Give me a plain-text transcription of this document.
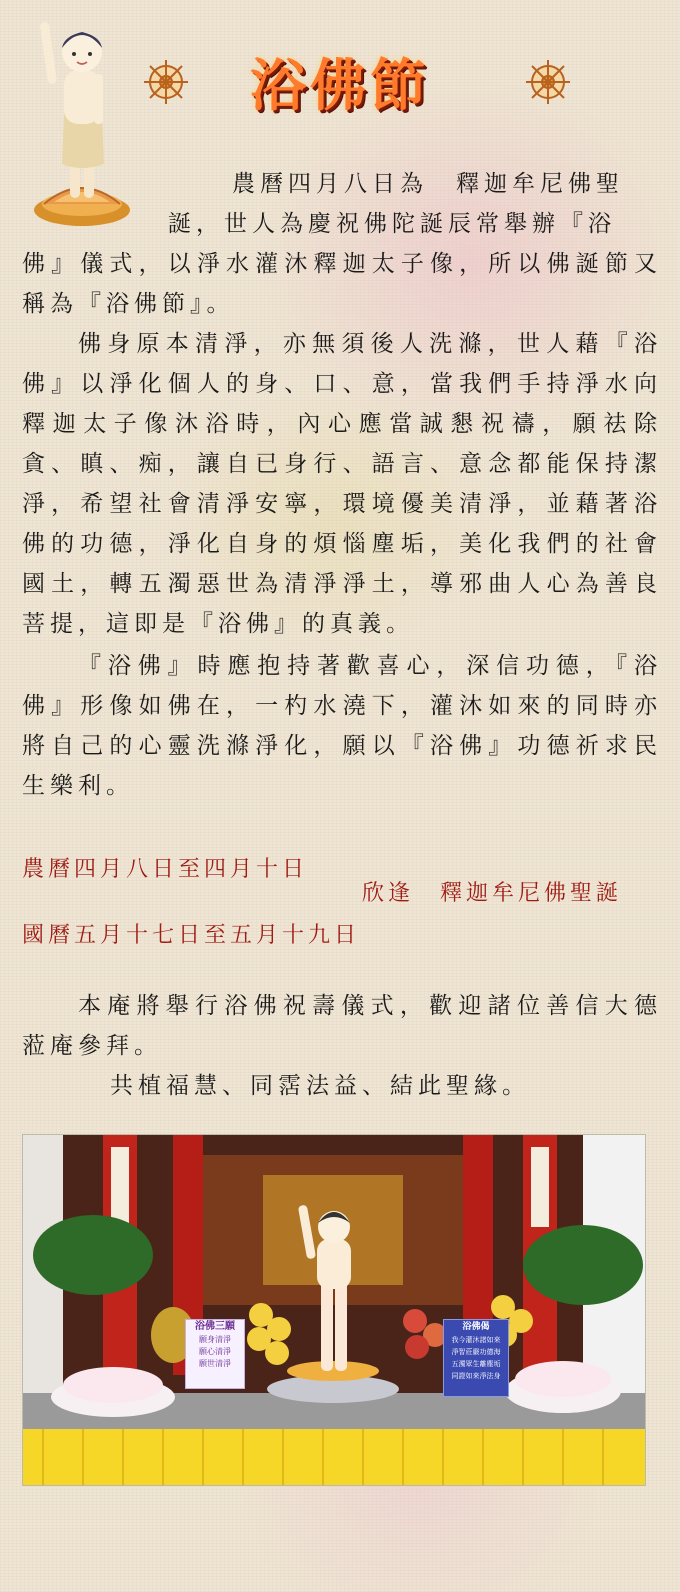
浴佛節
農曆四月八日為　釋迦牟尼佛聖
誕，世人為慶祝佛陀誕辰常舉辦『浴
佛』儀式，以淨水灌沐釋迦太子像，所以佛誕節又稱為『浴佛節』。
佛身原本清淨，亦無須後人洗滌，世人藉『浴佛』以淨化個人的身、口、意，當我們手持淨水向釋迦太子像沐浴時，內心應當誠懇祝禱，願祛除貪、瞋、痴，讓自已身行、語言、意念都能保持潔淨，希望社會清淨安寧，環境優美清淨，並藉著浴佛的功德，淨化自身的煩惱塵垢，美化我們的社會國土，轉五濁惡世為清淨淨土，導邪曲人心為善良菩提，這即是『浴佛』的真義。
『浴佛』時應抱持著歡喜心，深信功德，『浴佛』形像如佛在，一杓水澆下，灌沐如來的同時亦將自己的心靈洗滌淨化，願以『浴佛』功德祈求民生樂利。
農曆四月八日至四月十日
欣逢　釋迦牟尼佛聖誕
國曆五月十七日至五月十九日
本庵將舉行浴佛祝壽儀式，歡迎諸位善信大德蒞庵參拜。
共植福慧、同霑法益、結此聖緣。
浴佛三願
願身清淨
願心清淨
願世清淨
浴佛偈
我今灌沐諸如來
淨智莊嚴功德海
五濁眾生離塵垢
同證如來淨法身
